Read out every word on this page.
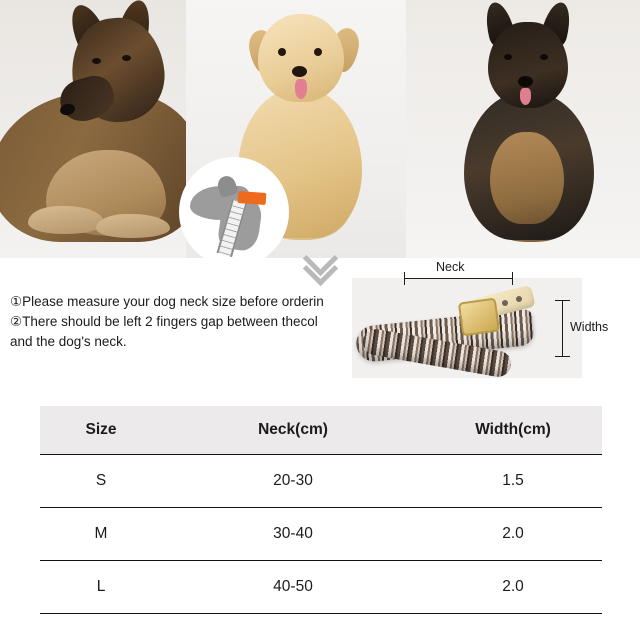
①Please measure your dog neck size before orderin

②There should be left 2 fingers gap between thecol

and the dog's neck.

Neck
Widths
Size	Neck(cm)	Width(cm)
S	20-30	1.5
M	30-40	2.0
L	40-50	2.0
